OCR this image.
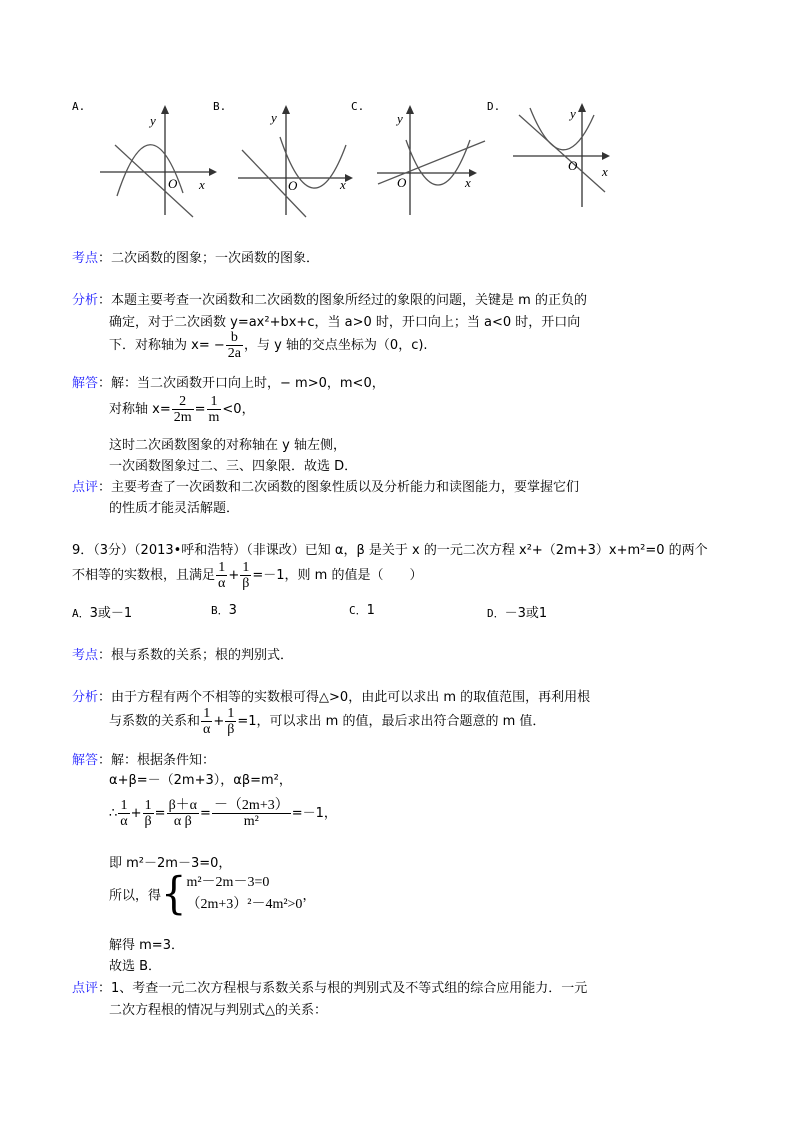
A.
y
O x
B.
y
O	x
C.
y
O	x
D.	y
O x
考点：二次函数的图象；一次函数的图象．
分析：本题主要考查一次函数和二次函数的图象所经过的象限的问题，关键是 m 的正负的
确定，对于二次函数 y=ax²+bx+c，当 a>0 时，开口向上；当 a<0 时，开口向
下．对称轴为 $x= - \frac{b}{2a}$ ，与 y 轴的交点坐标为（0，c).
解答：解：当二次函数开口向上时，− m>0，m<0，
对称轴 $x= \frac{2}{2m} = \frac{1}{m} <0$，
这时二次函数图象的对称轴在 y 轴左侧，
一次函数图象过二、三、四象限．故选 D．
点评：主要考查了一次函数和二次函数的图象性质以及分析能力和读图能力，要掌握它们
的性质才能灵活解题．
9．（3分）（2013•呼和浩特）（非课改）已知 α，β 是关于 x 的一元二次方程 x²+（2m+3）x+m²=0 的两个
不相等的实数根，且满足 $\frac{1}{\alpha} + \frac{1}{\beta} =-1$，则 m 的值是（　　）
A．3或－1	B．3	C．1	D．－3或1
考点：根与系数的关系；根的判别式．
分析：由于方程有两个不相等的实数根可得△>0，由此可以求出 m 的取值范围，再利用根
与系数的关系和 $\frac{1}{\alpha} + \frac{1}{\beta} =1$，可以求出 m 的值，最后求出符合题意的 m 值．
解答：解：根据条件知：
α+β=－（2m+3），αβ=m²，
∴ $\frac{1}{\alpha} + \frac{1}{\beta} = \frac{\beta+\alpha}{\text{α β}} = \frac{-(2m+3)}{\text{m²}} =-1$，
即 m²－2m－3=0，
所以，得{ m²－2m－3=0
（2m+3）²－4m²>0
，
解得 m=3．
故选 B．
点评：1、考查一元二次方程根与系数关系与根的判别式及不等式组的综合应用能力．一元
二次方程根的情况与判别式△的关系：
